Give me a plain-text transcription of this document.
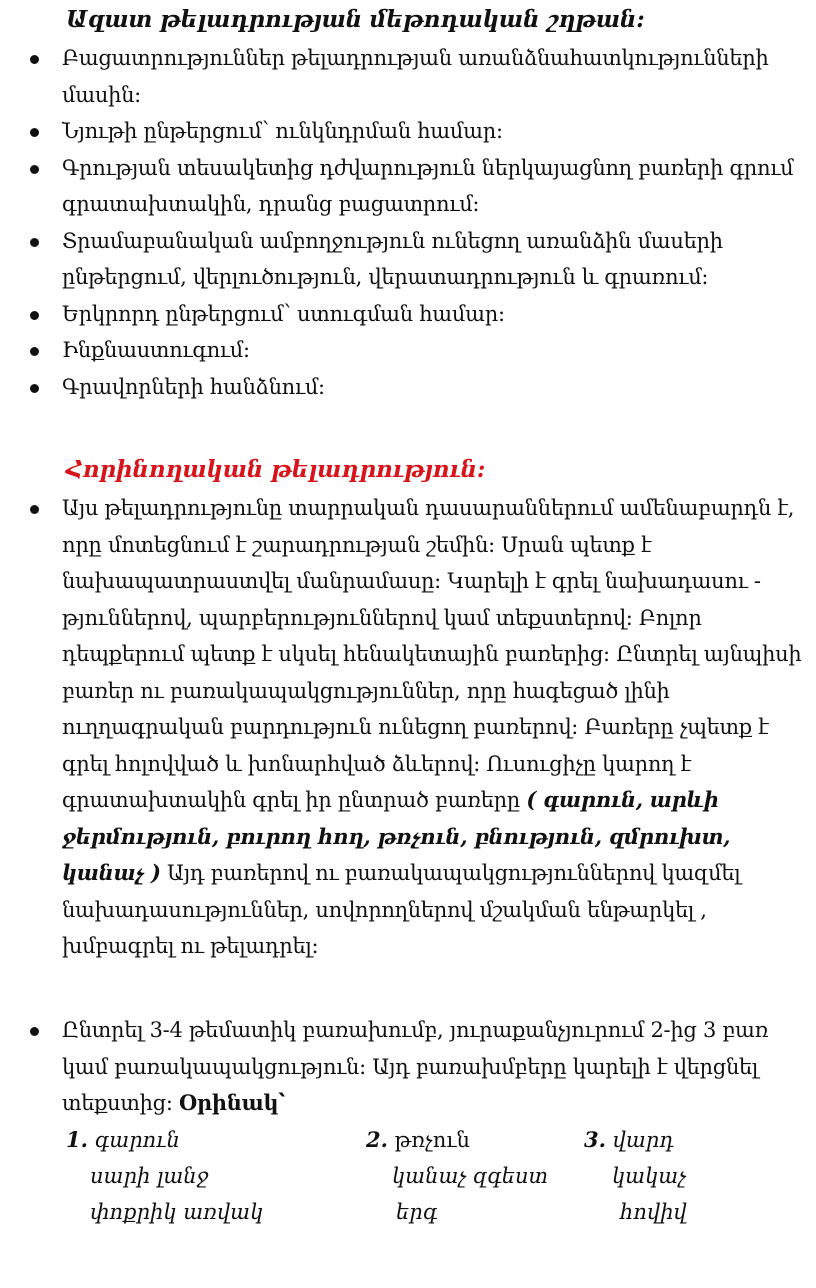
Ազատ թելադրության մեթոդական շղթան:
Բացատրություններ թելադրության առանձնահատկությունների մասին:
Նյութի ընթերցում՝ ունկնդրման համար:
Գրության տեսակետից դժվարություն ներկայացնող բառերի գրում գրատախտակին, դրանց բացատրում:
Տրամաբանական ամբողջություն ունեցող առանձին մասերի ընթերցում, վերլուծություն, վերատադրություն և գրառում:
Երկրորդ ընթերցում՝ ստուգման համար:
Ինքնաստուգում:
Գրավորների հանձնում:
Հորինողական թելադրություն:
Այս թելադրությունը տարրական դասարաններում ամենաբարդն է, որը մոտեցնում է շարադրության շեմին: Սրան պետք է նախապատրաստվել մանրամասը: Կարելի է գրել նախադասու - թյուններով, պարբերություններով կամ տեքստերով: Բոլոր դեպքերում պետք է սկսել հենակետային բառերից: Ընտրել այնպիսի բառեր ու բառակապակցություններ, որը հագեցած լինի ուղղագրական բարդություն ունեցող բառերով: Բառերը չպետք է գրել հոլովված և խոնարհված ձևերով: Ուսուցիչը կարող է գրատախտակին գրել իր ընտրած բառերը ( գարուն, արևի ջերմություն, բուրող հող, թռչուն, բնություն, զմրուխտ, կանաչ ) Այդ բառերով ու բառակապակցություններով կազմել նախադասություններ, սովորողներով մշակման ենթարկել , խմբագրել ու թելադրել:
Ընտրել 3-4 թեմատիկ բառախումբ, յուրաքանչյուրում 2-ից 3 բառ կամ բառակապակցություն: Այդ բառախմբերը կարելի է վերցնել տեքստից: Օրինակ՝
1. գարուն
սարի լանջ
փոքրիկ առվակ
2. թռչուն
կանաչ զգեստ
երգ
3. վարդ
կակաչ
հովիվ
